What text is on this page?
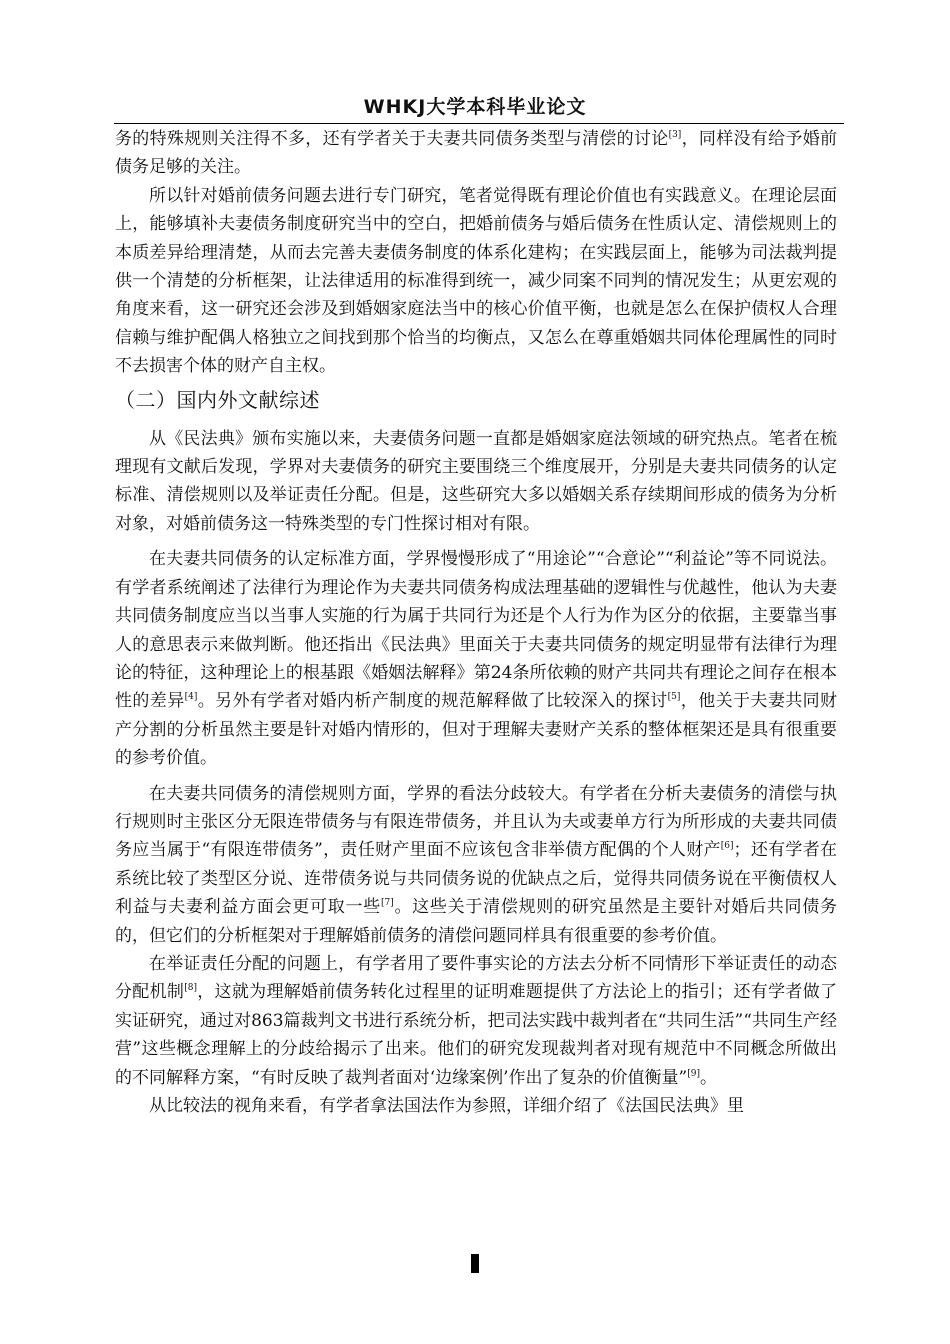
WHKJ大学本科毕业论文

务的特殊规则关注得不多，还有学者关于夫妻共同债务类型与清偿的讨论[3]，同样没有给予婚前债务足够的关注。

所以针对婚前债务问题去进行专门研究，笔者觉得既有理论价值也有实践意义。在理论层面上，能够填补夫妻债务制度研究当中的空白，把婚前债务与婚后债务在性质认定、清偿规则上的本质差异给理清楚，从而去完善夫妻债务制度的体系化建构；在实践层面上，能够为司法裁判提供一个清楚的分析框架，让法律适用的标准得到统一，减少同案不同判的情况发生；从更宏观的角度来看，这一研究还会涉及到婚姻家庭法当中的核心价值平衡，也就是怎么在保护债权人合理信赖与维护配偶人格独立之间找到那个恰当的均衡点，又怎么在尊重婚姻共同体伦理属性的同时不去损害个体的财产自主权。

（二）国内外文献综述

从《民法典》颁布实施以来，夫妻债务问题一直都是婚姻家庭法领域的研究热点。笔者在梳理现有文献后发现，学界对夫妻债务的研究主要围绕三个维度展开，分别是夫妻共同债务的认定标准、清偿规则以及举证责任分配。但是，这些研究大多以婚姻关系存续期间形成的债务为分析对象，对婚前债务这一特殊类型的专门性探讨相对有限。

在夫妻共同债务的认定标准方面，学界慢慢形成了“用途论”“合意论”“利益论”等不同说法。有学者系统阐述了法律行为理论作为夫妻共同债务构成法理基础的逻辑性与优越性，他认为夫妻共同债务制度应当以当事人实施的行为属于共同行为还是个人行为作为区分的依据，主要靠当事人的意思表示来做判断。他还指出《民法典》里面关于夫妻共同债务的规定明显带有法律行为理论的特征，这种理论上的根基跟《婚姻法解释》第24条所依赖的财产共同共有理论之间存在根本性的差异[4]。另外有学者对婚内析产制度的规范解释做了比较深入的探讨[5]，他关于夫妻共同财产分割的分析虽然主要是针对婚内情形的，但对于理解夫妻财产关系的整体框架还是具有很重要的参考价值。

在夫妻共同债务的清偿规则方面，学界的看法分歧较大。有学者在分析夫妻债务的清偿与执行规则时主张区分无限连带债务与有限连带债务，并且认为夫或妻单方行为所形成的夫妻共同债务应当属于“有限连带债务”，责任财产里面不应该包含非举债方配偶的个人财产[6]；还有学者在系统比较了类型区分说、连带债务说与共同债务说的优缺点之后，觉得共同债务说在平衡债权人利益与夫妻利益方面会更可取一些[7]。这些关于清偿规则的研究虽然是主要针对婚后共同债务的，但它们的分析框架对于理解婚前债务的清偿问题同样具有很重要的参考价值。

在举证责任分配的问题上，有学者用了要件事实论的方法去分析不同情形下举证责任的动态分配机制[8]，这就为理解婚前债务转化过程里的证明难题提供了方法论上的指引；还有学者做了实证研究，通过对863篇裁判文书进行系统分析，把司法实践中裁判者在“共同生活”“共同生产经营”这些概念理解上的分歧给揭示了出来。他们的研究发现裁判者对现有规范中不同概念所做出的不同解释方案，“有时反映了裁判者面对‘边缘案例’作出了复杂的价值衡量”[9]。

从比较法的视角来看，有学者拿法国法作为参照，详细介绍了《法国民法典》里
